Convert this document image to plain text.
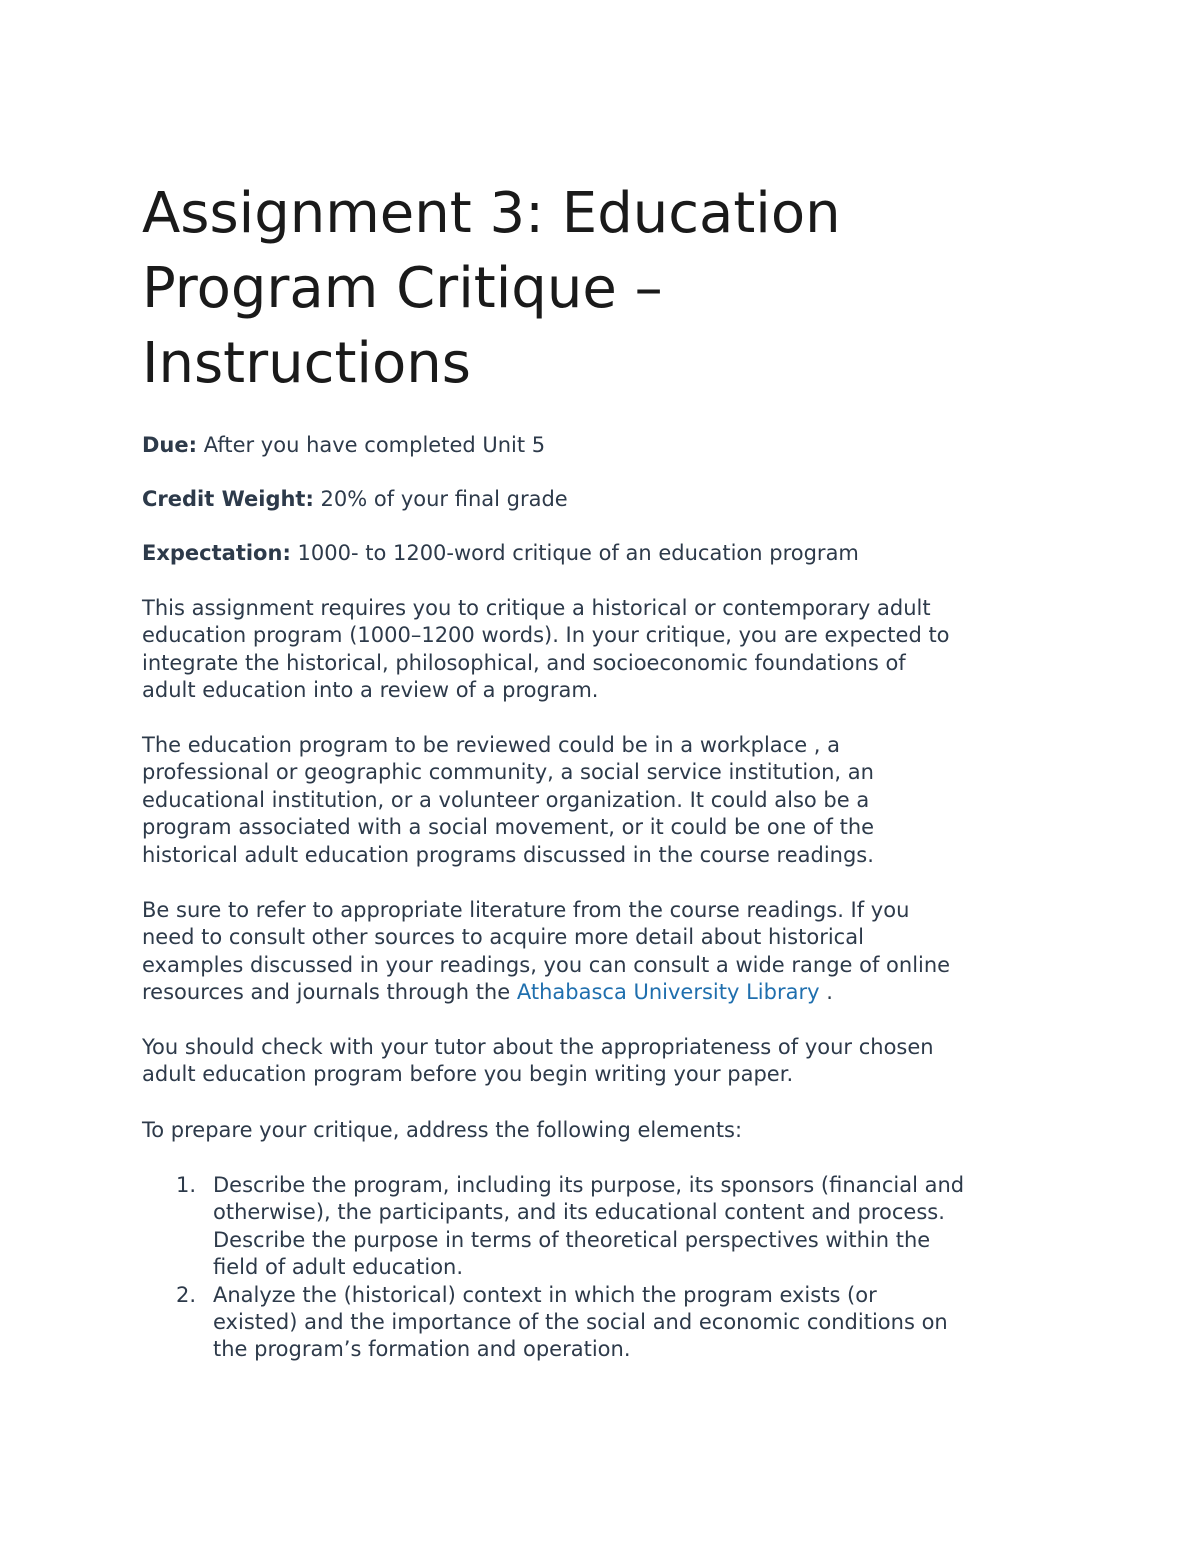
Assignment 3: Education
Program Critique –
Instructions

Due: After you have completed Unit 5

Credit Weight: 20% of your final grade

Expectation: 1000- to 1200-word critique of an education program

This assignment requires you to critique a historical or contemporary adult
education program (1000–1200 words). In your critique, you are expected to
integrate the historical, philosophical, and socioeconomic foundations of
adult education into a review of a program.
The education program to be reviewed could be in a workplace , a
professional or geographic community, a social service institution, an
educational institution, or a volunteer organization. It could also be a
program associated with a social movement, or it could be one of the
historical adult education programs discussed in the course readings.
Be sure to refer to appropriate literature from the course readings. If you
need to consult other sources to acquire more detail about historical
examples discussed in your readings, you can consult a wide range of online
resources and journals through the Athabasca University Library .
You should check with your tutor about the appropriateness of your chosen
adult education program before you begin writing your paper.
To prepare your critique, address the following elements:
1. Describe the program, including its purpose, its sponsors (financial and
otherwise), the participants, and its educational content and process.
Describe the purpose in terms of theoretical perspectives within the
field of adult education.
2. Analyze the (historical) context in which the program exists (or
existed) and the importance of the social and economic conditions on
the program’s formation and operation.
